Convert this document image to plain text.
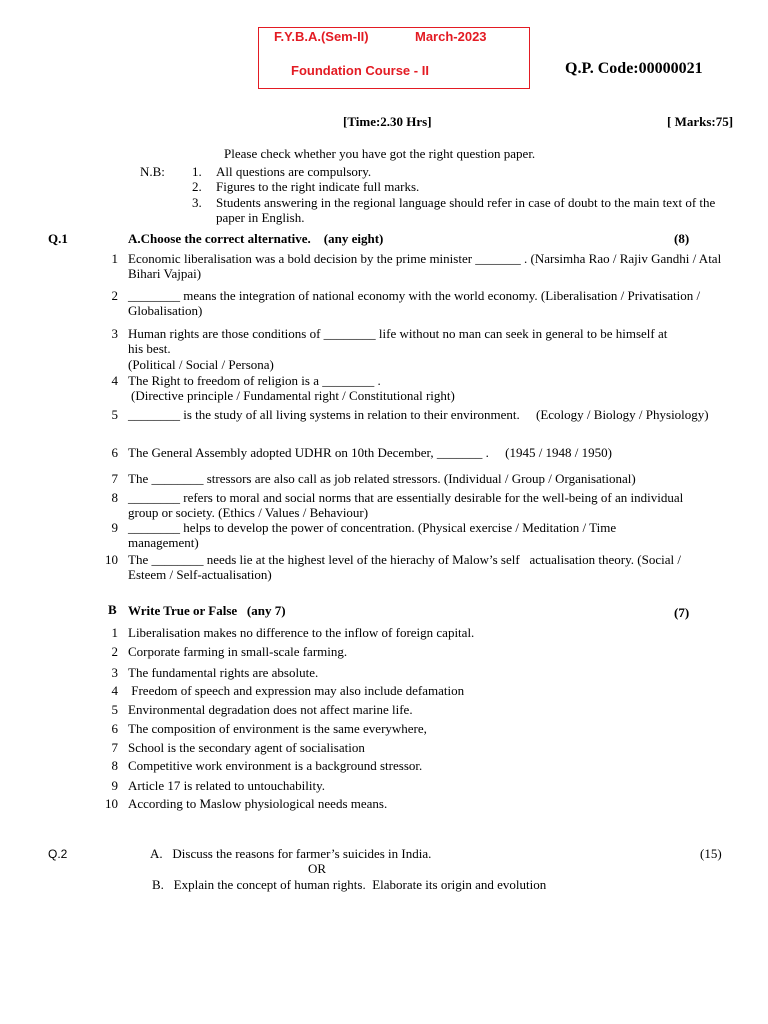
F.Y.B.A.(Sem-II)	March-2023
Foundation Course - II	Q.P. Code:00000021
[Time:2.30 Hrs]	[ Marks:75]
Please check whether you have got the right question paper.
N.B: 1. All questions are compulsory.
2. Figures to the right indicate full marks.
3. Students answering in the regional language should refer in case of doubt to the main text of the paper in English.
Q.1	A.Choose the correct alternative.    (any eight)	(8)
1 Economic liberalisation was a bold decision by the prime minister _______ . (Narsimha Rao / Rajiv Gandhi / Atal Bihari Vajpai)
2 ________ means the integration of national economy with the world economy. (Liberalisation / Privatisation / Globalisation)
3 Human rights are those conditions of ________ life without no man can seek in general to be himself at his best.
(Political / Social / Persona)
4 The Right to freedom of religion is a ________ .
(Directive principle / Fundamental right / Constitutional right)
5 ________ is the study of all living systems in relation to their environment.     (Ecology / Biology / Physiology)
6 The General Assembly adopted UDHR on 10th December, _______ .     (1945 / 1948 / 1950)
7 The ________ stressors are also call as job related stressors. (Individual / Group / Organisational)
8 ________ refers to moral and social norms that are essentially desirable for the well-being of an individual group or society. (Ethics / Values / Behaviour)
9 ________ helps to develop the power of concentration. (Physical exercise / Meditation / Time management)
10 The ________ needs lie at the highest level of the hierachy of Malow’s self   actualisation theory. (Social / Esteem / Self-actualisation)
B Write True or False   (any 7)	(7)
1 Liberalisation makes no difference to the inflow of foreign capital.
2 Corporate farming in small-scale farming.
3 The fundamental rights are absolute.
4 Freedom of speech and expression may also include defamation
5 Environmental degradation does not affect marine life.
6 The composition of environment is the same everywhere,
7 School is the secondary agent of socialisation
8 Competitive work environment is a background stressor.
9 Article 17 is related to untouchability.
10 According to Maslow physiological needs means.
Q.2	A.   Discuss the reasons for farmer’s suicides in India.	(15)
OR
B.   Explain the concept of human rights.  Elaborate its origin and evolution
